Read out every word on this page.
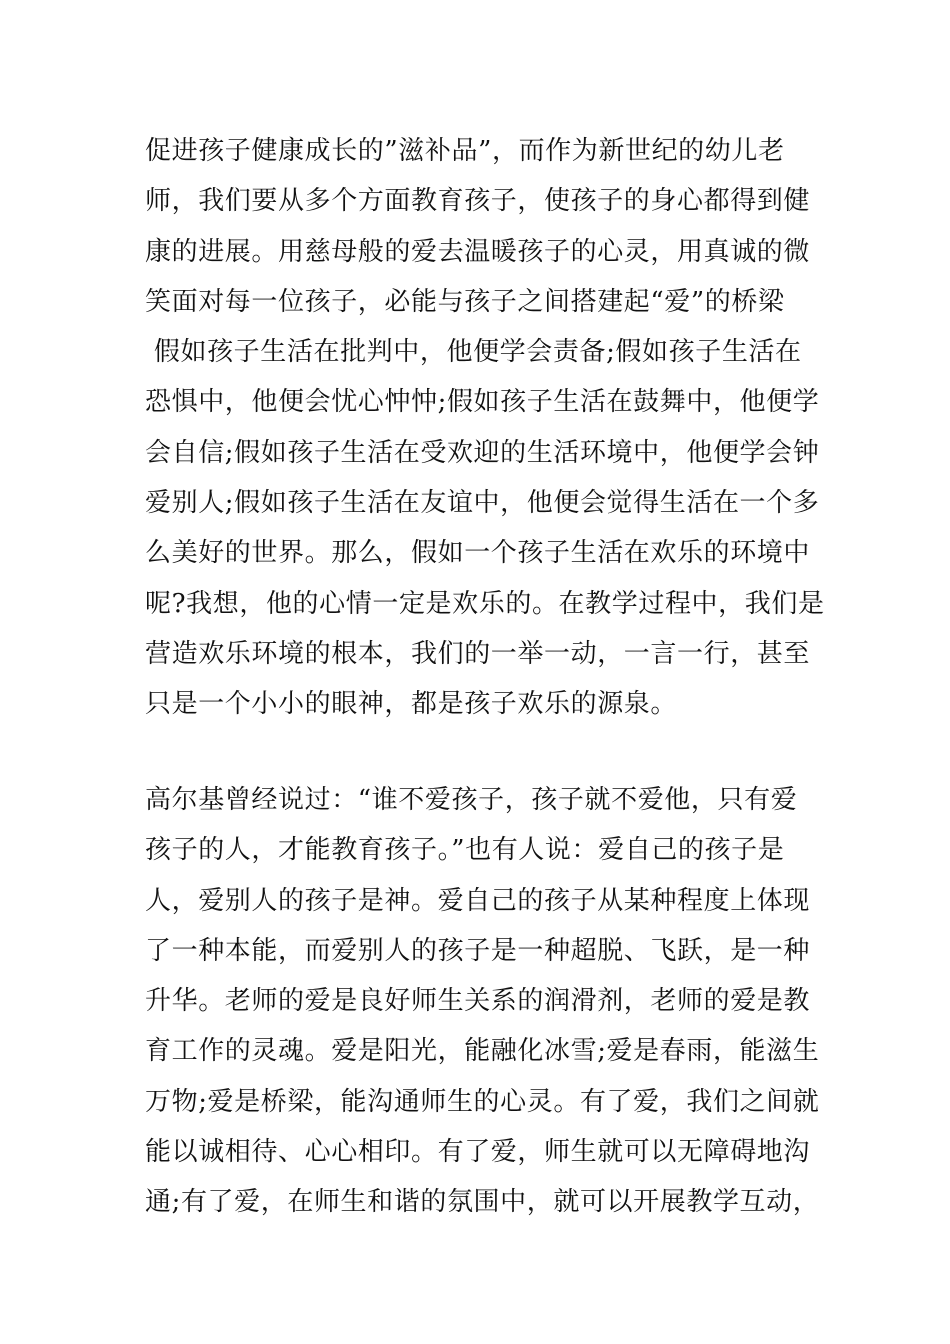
促进孩子健康成长的”滋补品”，而作为新世纪的幼儿老
师，我们要从多个方面教育孩子，使孩子的身心都得到健
康的进展。用慈母般的爱去温暖孩子的心灵，用真诚的微
笑面对每一位孩子，必能与孩子之间搭建起“爱”的桥梁
假如孩子生活在批判中，他便学会责备;假如孩子生活在
恐惧中，他便会忧心忡忡;假如孩子生活在鼓舞中，他便学
会自信;假如孩子生活在受欢迎的生活环境中，他便学会钟
爱别人;假如孩子生活在友谊中，他便会觉得生活在一个多
么美好的世界。那么，假如一个孩子生活在欢乐的环境中
呢?我想，他的心情一定是欢乐的。在教学过程中，我们是
营造欢乐环境的根本，我们的一举一动，一言一行，甚至
只是一个小小的眼神，都是孩子欢乐的源泉。
高尔基曾经说过：“谁不爱孩子，孩子就不爱他，只有爱
孩子的人，才能教育孩子。”也有人说：爱自己的孩子是
人，爱别人的孩子是神。爱自己的孩子从某种程度上体现
了一种本能，而爱别人的孩子是一种超脱、飞跃，是一种
升华。老师的爱是良好师生关系的润滑剂，老师的爱是教
育工作的灵魂。爱是阳光，能融化冰雪;爱是春雨，能滋生
万物;爱是桥梁，能沟通师生的心灵。有了爱，我们之间就
能以诚相待、心心相印。有了爱，师生就可以无障碍地沟
通;有了爱，在师生和谐的氛围中，就可以开展教学互动，
